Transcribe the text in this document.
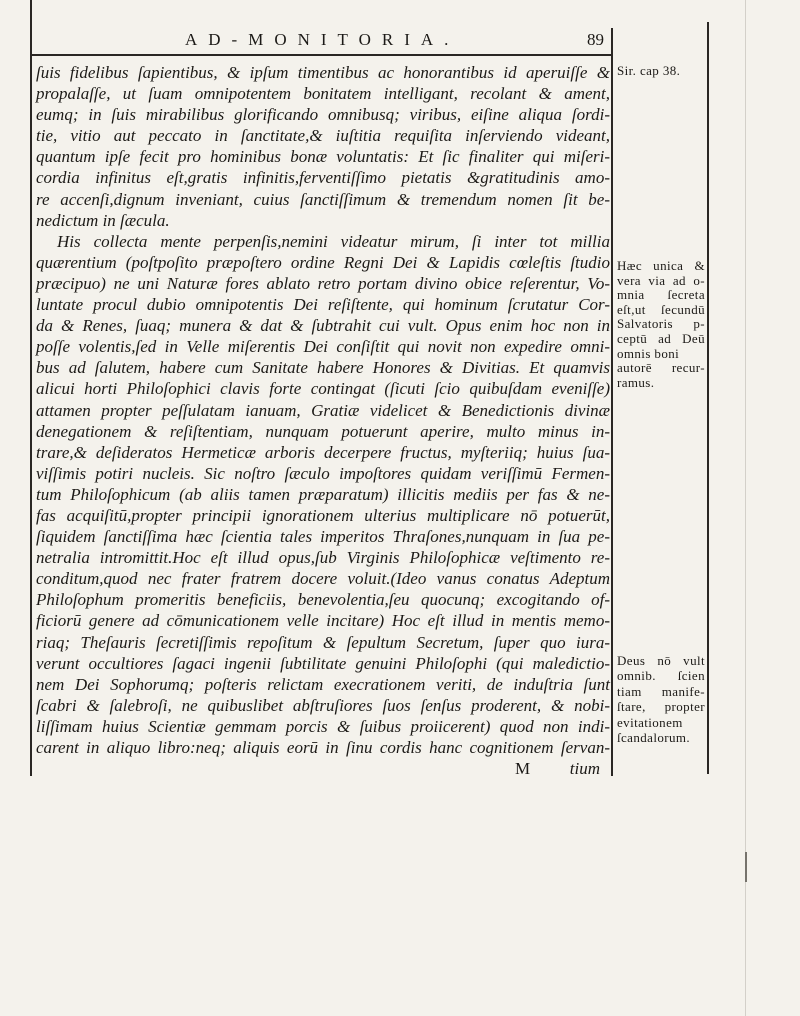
AD-MONITORIA.	89
ſuis fidelibus ſapientibus, & ipſum timentibus ac honorantibus id aperuiſſe &
propalaſſe, ut ſuam omnipotentem bonitatem intelligant, recolant & ament,
eumq; in ſuis mirabilibus glorificando omnibusq; viribus, eiſine aliqua ſordi-
tie, vitio aut peccato in ſanctitate,& iuſtitia requiſita inſerviendo videant,
quantum ipſe fecit pro hominibus bonæ voluntatis: Et ſic finaliter qui miſeri-
cordia infinitus eſt,gratis infinitis,ferventiſſimo pietatis &gratitudinis amo-
re accenſi,dignum inveniant, cuius ſanctiſſimum & tremendum nomen ſit be-
nedictum in ſæcula.
His collecta mente perpenſis,nemini videatur mirum, ſi inter tot millia
quærentium (poſtpoſito præpoſtero ordine Regni Dei & Lapidis cœleſtis ſtudio
præcipuo) ne uni Naturæ fores ablato retro portam divino obice reſerentur, Vo-
luntate procul dubio omnipotentis Dei reſiſtente, qui hominum ſcrutatur Cor-
da & Renes, ſuaq; munera & dat & ſubtrahit cui vult. Opus enim hoc non in
poſſe volentis,ſed in Velle miſerentis Dei conſiſtit qui novit non expedire omni-
bus ad ſalutem, habere cum Sanitate habere Honores & Divitias. Et quamvis
alicui horti Philoſophici clavis forte contingat (ſicuti ſcio quibuſdam eveniſſe)
attamen propter peſſulatam ianuam, Gratiæ videlicet & Benedictionis divinæ
denegationem & reſiſtentiam, nunquam potuerunt aperire, multo minus in-
trare,& deſideratos Hermeticæ arboris decerpere fructus, myſteriiq; huius ſua-
viſſimis potiri nucleis. Sic noſtro ſæculo impoſtores quidam veriſſimū Fermen-
tum Philoſophicum (ab aliis tamen præparatum) illicitis mediis per fas & ne-
fas acquiſitū,propter principii ignorationem ulterius multiplicare nō potuerūt,
ſiquidem ſanctiſſima hæc ſcientia tales imperitos Thraſones,nunquam in ſua pe-
netralia intromittit.Hoc eſt illud opus,ſub Virginis Philoſophicæ veſtimento re-
conditum,quod nec frater fratrem docere voluit.(Ideo vanus conatus Adeptum
Philoſophum promeritis beneficiis, benevolentia,ſeu quocunq; excogitando of-
ficiorū genere ad cōmunicationem velle incitare) Hoc eſt illud in mentis memo-
riaq; Theſauris ſecretiſſimis repoſitum & ſepultum Secretum, ſuper quo iura-
verunt occultiores ſagaci ingenii ſubtilitate genuini Philoſophi (qui maledictio-
nem Dei Sophorumq; poſteris relictam execrationem veriti, de induſtria ſunt
ſcabri & ſalebroſi, ne quibuslibet abſtruſiores ſuos ſenſus proderent, & nobi-
liſſimam huius Scientiæ gemmam porcis & ſuibus proiicerent) quod non indi-
carent in aliquo libro:neq; aliquis eorū in ſinu cordis hanc cognitionem ſervan-
M tium
Sir. cap 38.
Hæc unica &
vera via ad o-
mnia ſecreta
eſt,ut ſecundū
Salvatoris p-
ceptū ad Deū
omnis boni
autorē recur-
ramus.
Deus nō vult
omnib. ſcien
tiam manife-
ſtare, propter
evitationem
ſcandalorum.
